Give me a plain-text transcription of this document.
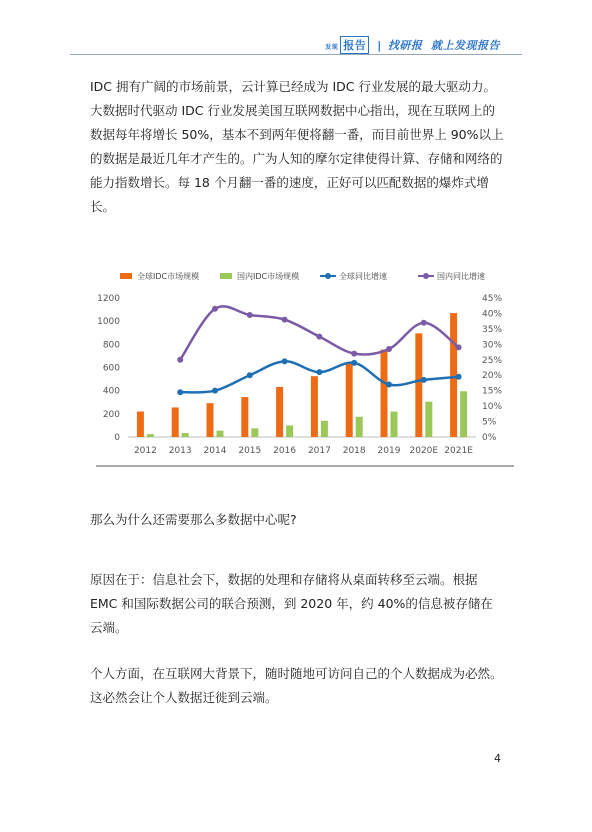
发现 报告 | 找研报 就上发现报告

IDC 拥有广阔的市场前景，云计算已经成为 IDC 行业发展的最大驱动力。大数据时代驱动 IDC 行业发展美国互联网数据中心指出，现在互联网上的数据每年将增长 50%，基本不到两年便将翻一番，而目前世界上 90%以上的数据是最近几年才产生的。广为人知的摩尔定律使得计算、存储和网络的能力指数增长。每 18 个月翻一番的速度，正好可以匹配数据的爆炸式增长。

全球IDC市场规模	国内IDC市场规模	全球同比增速	国内同比增速
0
200
400
600
800
1000
1200
0%
5%
10%
15%
20%
25%
30%
35%
40%
45%
2012 2013 2014 2015 2016 2017 2018 2019 2020E 2021E

那么为什么还需要那么多数据中心呢?

原因在于：信息社会下，数据的处理和存储将从桌面转移至云端。根据 EMC 和国际数据公司的联合预测，到 2020 年，约 40%的信息被存储在云端。

个人方面，在互联网大背景下，随时随地可访问自己的个人数据成为必然。这必然会让个人数据迁徙到云端。

4
